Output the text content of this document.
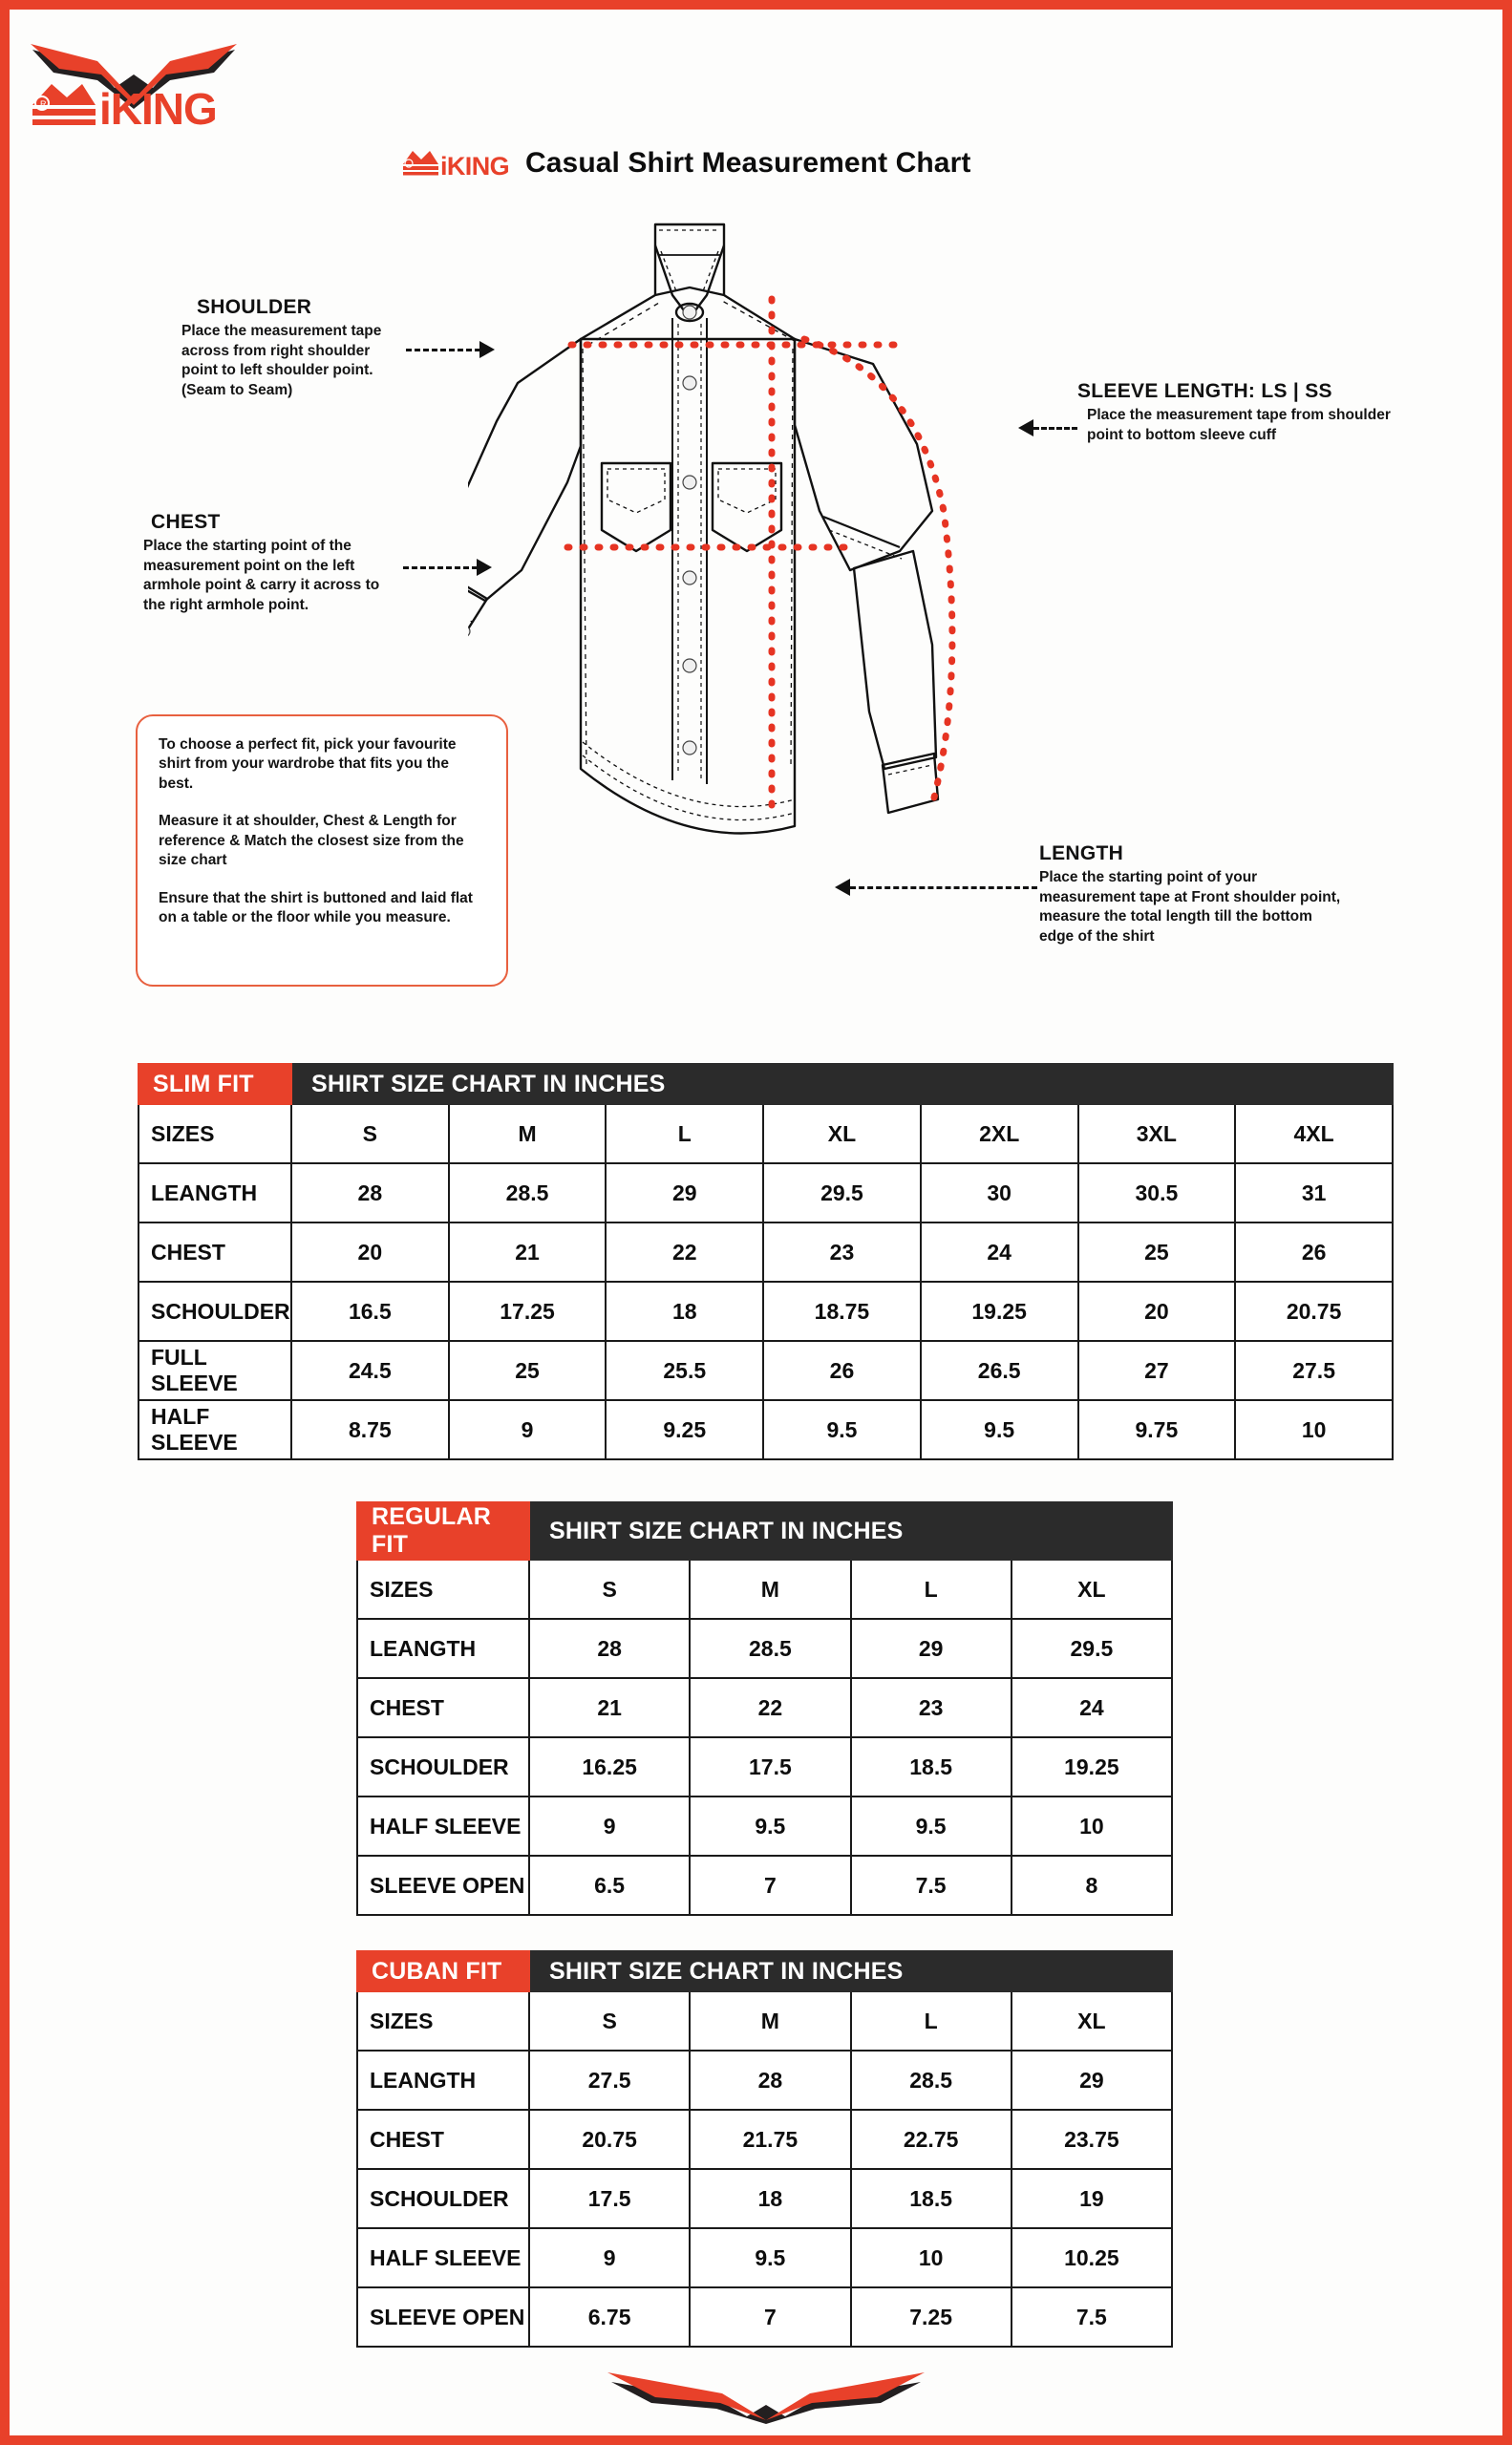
R iKING
iKING Casual Shirt Measurement Chart
SHOULDER
Place the measurement tape across from right shoulder point to left shoulder point. (Seam to Seam)
CHEST
Place the starting point of the measurement point on the left armhole point & carry it across to the right armhole point.
SLEEVE LENGTH: LS | SS
Place the measurement tape from shoulder point to bottom sleeve cuff
LENGTH
Place the starting point of your measurement tape at Front shoulder point, measure the total length till the bottom edge of the shirt
To choose a perfect fit, pick your favourite shirt from your wardrobe that fits you the best.
Measure it at shoulder, Chest & Length for reference & Match the closest size from the size chart
Ensure that the shirt is buttoned and laid flat on a table or the floor while you measure.
SLIM FIT	SHIRT SIZE CHART IN INCHES						
SIZES	S	M	L	XL	2XL	3XL	4XL
LEANGTH	28	28.5	29	29.5	30	30.5	31
CHEST	20	21	22	23	24	25	26
SCHOULDER	16.5	17.25	18	18.75	19.25	20	20.75
FULL SLEEVE	24.5	25	25.5	26	26.5	27	27.5
HALF SLEEVE	8.75	9	9.25	9.5	9.5	9.75	10
REGULAR FIT	SHIRT SIZE CHART IN INCHES			
SIZES	S	M	L	XL
LEANGTH	28	28.5	29	29.5
CHEST	21	22	23	24
SCHOULDER	16.25	17.5	18.5	19.25
HALF SLEEVE	9	9.5	9.5	10
SLEEVE OPEN	6.5	7	7.5	8
CUBAN FIT	SHIRT SIZE CHART IN INCHES			
SIZES	S	M	L	XL
LEANGTH	27.5	28	28.5	29
CHEST	20.75	21.75	22.75	23.75
SCHOULDER	17.5	18	18.5	19
HALF SLEEVE	9	9.5	10	10.25
SLEEVE OPEN	6.75	7	7.25	7.5
